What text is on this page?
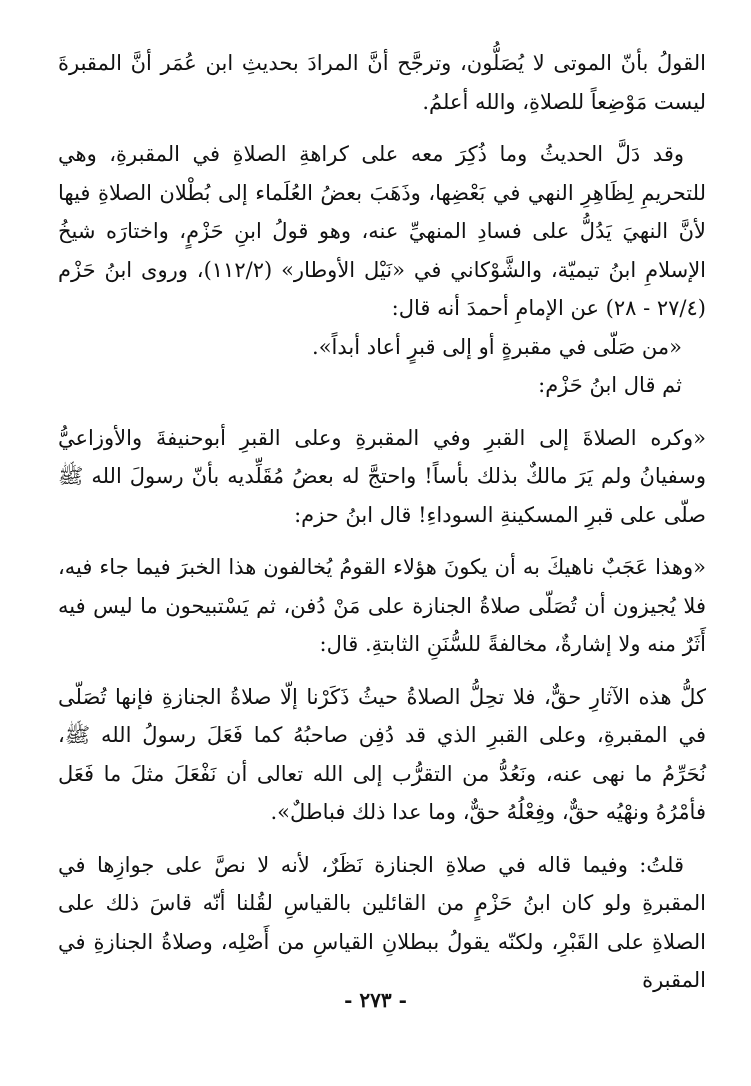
القولُ بأنّ الموتى لا يُصَلُّون، وترجَّح أنَّ المرادَ بحديثِ ابن عُمَر أنَّ المقبرةَ ليست مَوْضِعاً للصلاةِ، والله أعلمُ.

وقد دَلَّ الحديثُ وما ذُكِرَ معه على كراهةِ الصلاةِ في المقبرةِ، وهي للتحريمِ لِظَاهِرِ النهي في بَعْضِها، وذَهَبَ بعضُ العُلَماء إلى بُطْلان الصلاةِ فيها لأنَّ النهيَ يَدُلُّ على فسادِ المنهيِّ عنه، وهو قولُ ابنِ حَزْمٍ، واختارَه شيخُ الإسلامِ ابنُ تيميّة، والشَّوْكاني في «نَيْل الأوطار» (١١٢/٢)، وروى ابنُ حَزْم (٢٧/٤ - ٢٨) عن الإمامِ أحمدَ أنه قال:

«من صَلّى في مقبرةٍ أو إلى قبرٍ أعاد أبداً».

ثم قال ابنُ حَزْم:

«وكره الصلاةَ إلى القبرِ وفي المقبرةِ وعلى القبرِ أبوحنيفةَ والأوزاعيُّ وسفيانُ ولم يَرَ مالكٌ بذلك بأساً! واحتجَّ له بعضُ مُقَلِّديه بأنّ رسولَ الله ﷺ صلّى على قبرِ المسكينةِ السوداءِ! قال ابنُ حزم:

«وهذا عَجَبٌ ناهيكَ به أن يكونَ هؤلاء القومُ يُخالفون هذا الخبرَ فيما جاء فيه، فلا يُجيزون أن تُصَلّى صلاةُ الجنازة على مَنْ دُفن، ثم يَسْتبيحون ما ليس فيه أَثَرٌ منه ولا إشارةٌ، مخالفةً للسُّنَنِ الثابتةِ. قال:

كلُّ هذه الآثارِ حقٌّ، فلا تحِلُّ الصلاةُ حيثُ ذَكَرْنا إلّا صلاةُ الجنازةِ فإنها تُصَلّى في المقبرةِ، وعلى القبرِ الذي قد دُفِن صاحبُهُ كما فَعَلَ رسولُ الله ﷺ، نُحَرِّمُ ما نهى عنه، ونَعُدُّ من التقرُّب إلى الله تعالى أن نَفْعَلَ مثلَ ما فَعَل فأمْرُهُ ونهْيُه حقٌّ، وفِعْلُهُ حقٌّ، وما عدا ذلك فباطلٌ».

قلتُ: وفيما قاله في صلاةِ الجنازة نَظَرٌ، لأنه لا نصَّ على جوازِها في المقبرةِ ولو كان ابنُ حَزْمٍ من القائلين بالقياسِ لقُلنا أنّه قاسَ ذلك على الصلاةِ على القَبْرِ، ولكنّه يقولُ ببطلانِ القياسِ من أَصْلِه، وصلاةُ الجنازةِ في المقبرة

- ٢٧٣ -
